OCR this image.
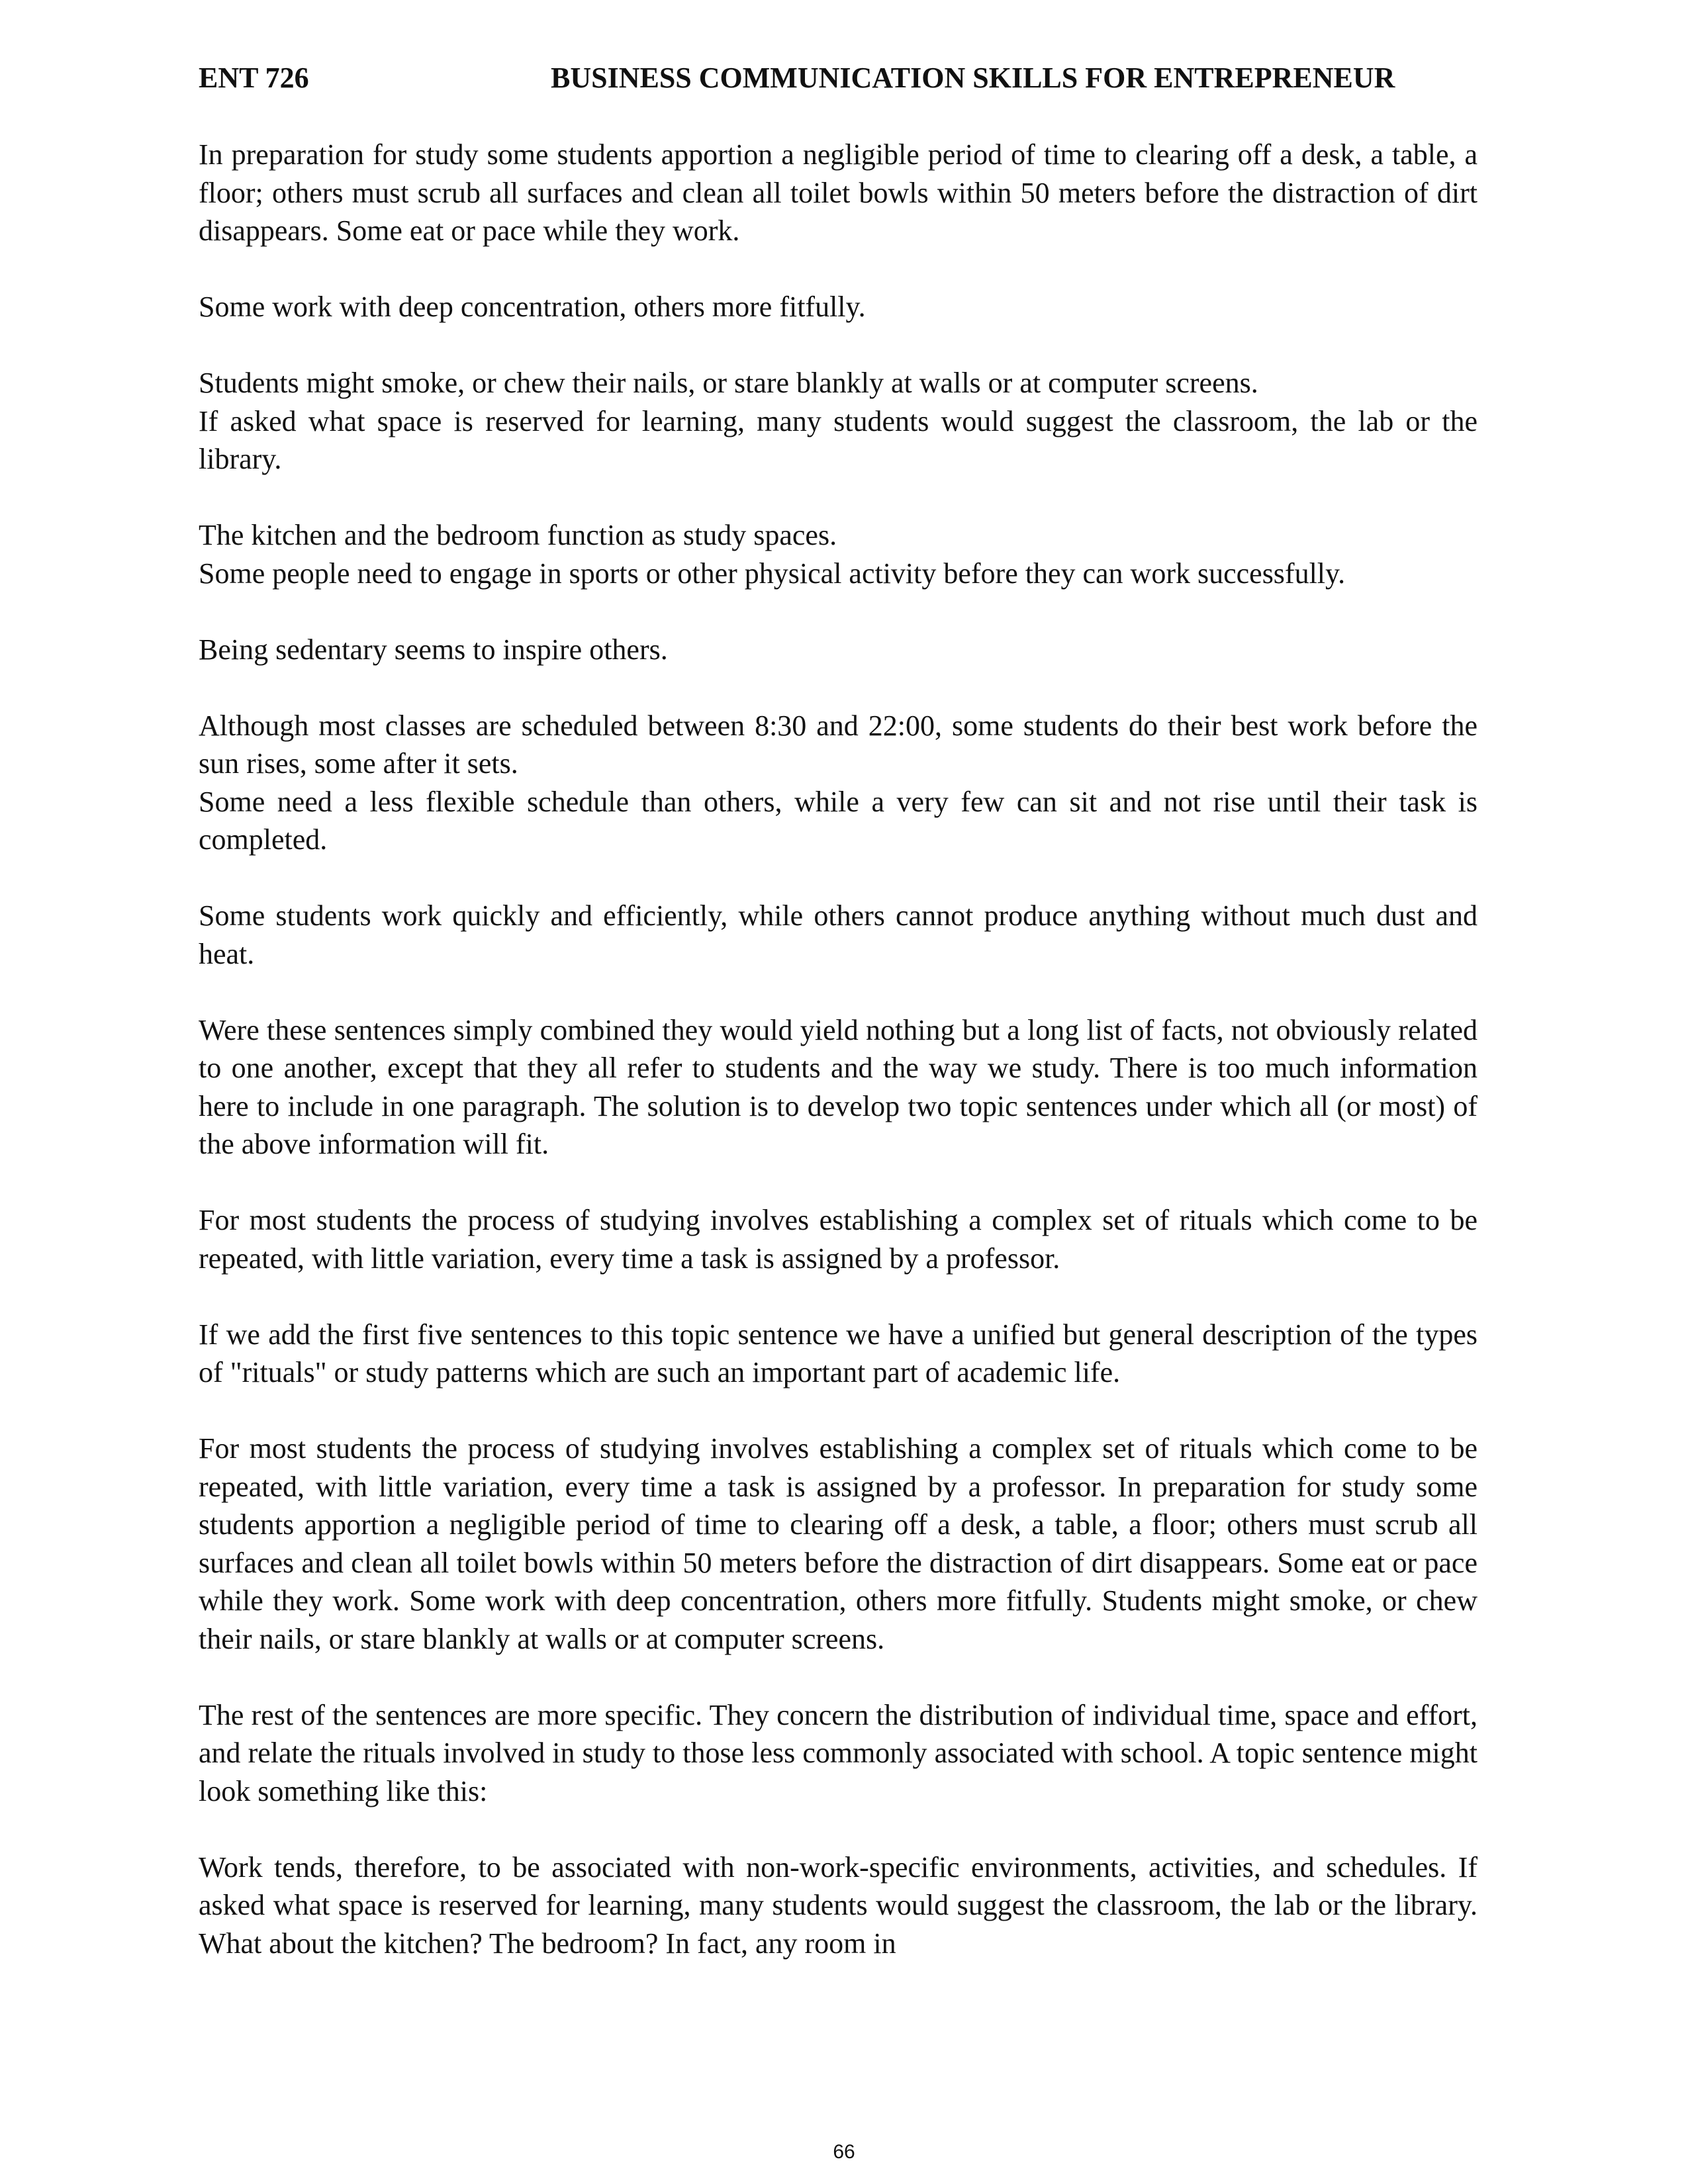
ENT 726	BUSINESS COMMUNICATION SKILLS FOR ENTREPRENEUR

In preparation for study some students apportion a negligible period of time to clearing off a desk, a table, a floor; others must scrub all surfaces and clean all toilet bowls within 50 meters before the distraction of dirt disappears. Some eat or pace while they work.

Some work with deep concentration, others more fitfully.

Students might smoke, or chew their nails, or stare blankly at walls or at computer screens.

If asked what space is reserved for learning, many students would suggest the classroom, the lab or the library.

The kitchen and the bedroom function as study spaces.

Some people need to engage in sports or other physical activity before they can work successfully.

Being sedentary seems to inspire others.

Although most classes are scheduled between 8:30 and 22:00, some students do their best work before the sun rises, some after it sets.

Some need a less flexible schedule than others, while a very few can sit and not rise until their task is completed.

Some students work quickly and efficiently, while others cannot produce anything without much dust and heat.

Were these sentences simply combined they would yield nothing but a long list of facts, not obviously related to one another, except that they all refer to students and the way we study. There is too much information here to include in one paragraph. The solution is to develop two topic sentences under which all (or most) of the above information will fit.

For most students the process of studying involves establishing a complex set of rituals which come to be repeated, with little variation, every time a task is assigned by a professor.

If we add the first five sentences to this topic sentence we have a unified but general description of the types of "rituals" or study patterns which are such an important part of academic life.

For most students the process of studying involves establishing a complex set of rituals which come to be repeated, with little variation, every time a task is assigned by a professor. In preparation for study some students apportion a negligible period of time to clearing off a desk, a table, a floor; others must scrub all surfaces and clean all toilet bowls within 50 meters before the distraction of dirt disappears. Some eat or pace while they work. Some work with deep concentration, others more fitfully. Students might smoke, or chew their nails, or stare blankly at walls or at computer screens.

The rest of the sentences are more specific. They concern the distribution of individual time, space and effort, and relate the rituals involved in study to those less commonly associated with school. A topic sentence might look something like this:

Work tends, therefore, to be associated with non-work-specific environments, activities, and schedules. If asked what space is reserved for learning, many students would suggest the classroom, the lab or the library. What about the kitchen? The bedroom? In fact, any room in

66
